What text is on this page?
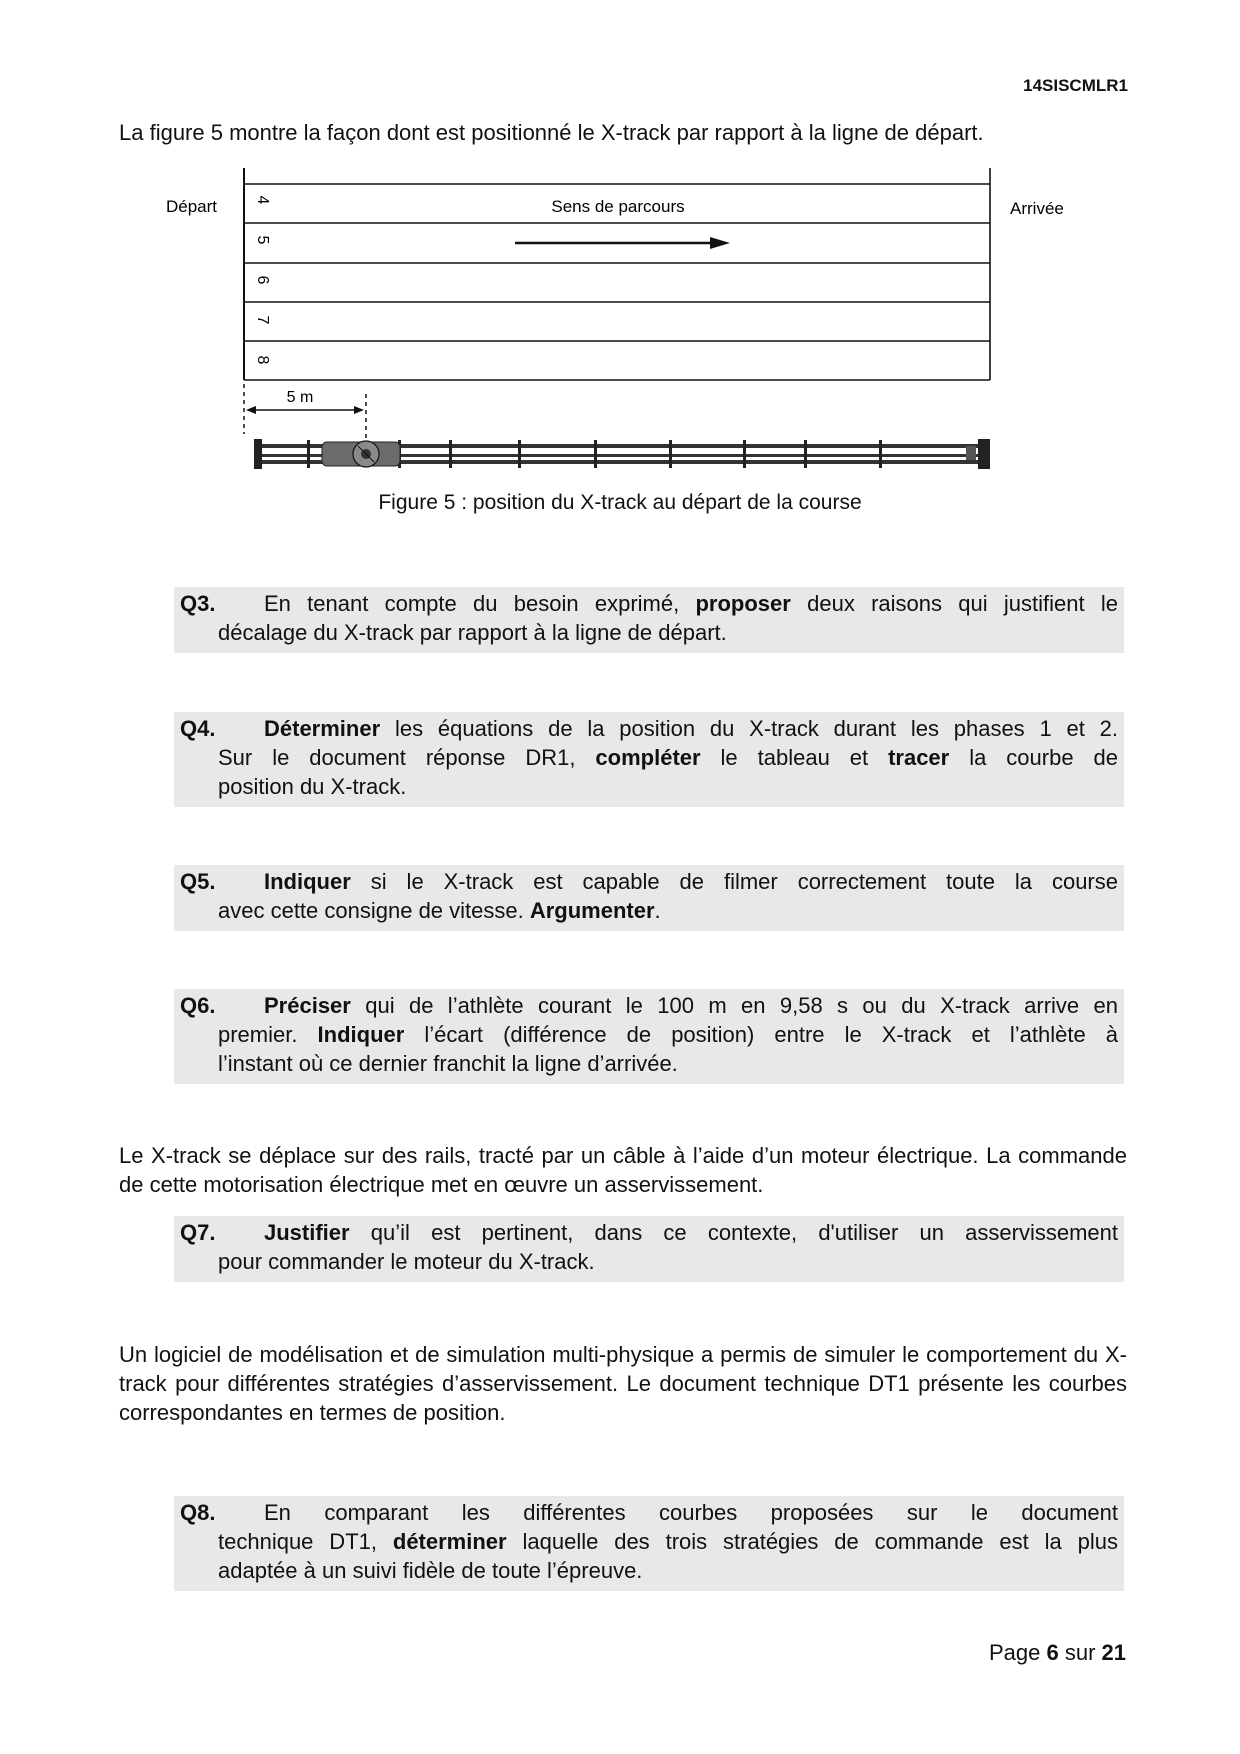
14SISCMLR1
La figure 5 montre la façon dont est positionné le X-track par rapport à la ligne de départ.
Départ	Arrivée
4
5
6
7
8
Sens de parcours
5 m
Figure 5 : position du X-track au départ de la course
Q3. En tenant compte du besoin exprimé, proposer deux raisons qui justifient le
décalage du X-track par rapport à la ligne de départ.
Q4. Déterminer les équations de la position du X-track durant les phases 1 et 2.
Sur le document réponse DR1, compléter le tableau et tracer la courbe de
position du X-track.
Q5. Indiquer si le X-track est capable de filmer correctement toute la course
avec cette consigne de vitesse. Argumenter.
Q6. Préciser qui de l’athlète courant le 100 m en 9,58 s ou du X-track arrive en
premier. Indiquer l’écart (différence de position) entre le X-track et l’athlète à
l’instant où ce dernier franchit la ligne d’arrivée.
Le X-track se déplace sur des rails, tracté par un câble à l’aide d’un moteur électrique. La commande de cette motorisation électrique met en œuvre un asservissement.
Q7. Justifier qu’il est pertinent, dans ce contexte, d'utiliser un asservissement
pour commander le moteur du X-track.
Un logiciel de modélisation et de simulation multi-physique a permis de simuler le comportement du X-track pour différentes stratégies d’asservissement. Le document technique DT1 présente les courbes correspondantes en termes de position.
Q8. En comparant les différentes courbes proposées sur le document
technique DT1, déterminer laquelle des trois stratégies de commande est la plus
adaptée à un suivi fidèle de toute l’épreuve.
Page 6 sur 21
